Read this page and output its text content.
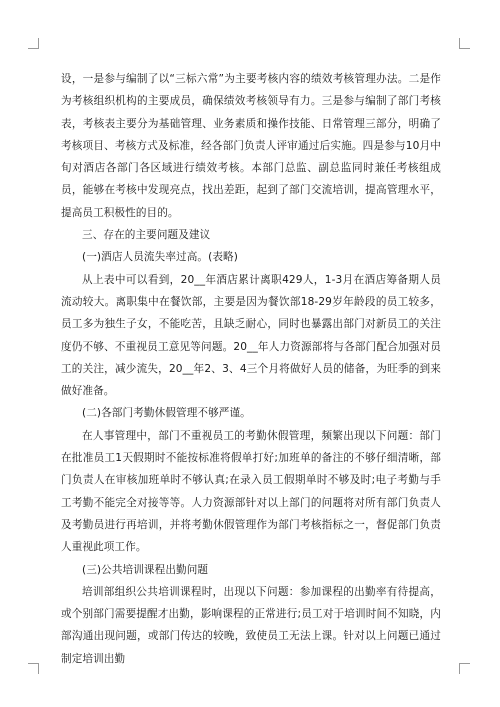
设，一是参与编制了以“三标六常”为主要考核内容的绩效考核管理办法。二是作为考核组织机构的主要成员，确保绩效考核领导有力。三是参与编制了部门考核表，考核表主要分为基础管理、业务素质和操作技能、日常管理三部分，明确了考核项目、考核方式及标准，经各部门负责人评审通过后实施。四是参与10月中旬对酒店各部门各区域进行绩效考核。本部门总监、副总监同时兼任考核组成员，能够在考核中发现亮点，找出差距，起到了部门交流培训，提高管理水平，提高员工积极性的目的。

三、存在的主要问题及建议

(一)酒店人员流失率过高。(表略)

从上表中可以看到，20__年酒店累计离职429人，1-3月在酒店筹备期人员流动较大。离职集中在餐饮部，主要是因为餐饮部18-29岁年龄段的员工较多，员工多为独生子女，不能吃苦，且缺乏耐心，同时也暴露出部门对新员工的关注度仍不够、不重视员工意见等问题。20__年人力资源部将与各部门配合加强对员工的关注，减少流失，20__年2、3、4三个月将做好人员的储备，为旺季的到来做好准备。

(二)各部门考勤休假管理不够严谨。

在人事管理中，部门不重视员工的考勤休假管理，频繁出现以下问题：部门在批准员工1天假期时不能按标准将假单打好;加班单的备注的不够仔细清晰，部门负责人在审核加班单时不够认真;在录入员工假期单时不够及时;电子考勤与手工考勤不能完全对接等等。人力资源部针对以上部门的问题将对所有部门负责人及考勤员进行再培训，并将考勤休假管理作为部门考核指标之一，督促部门负责人重视此项工作。

(三)公共培训课程出勤问题

培训部组织公共培训课程时，出现以下问题：参加课程的出勤率有待提高，或个别部门需要提醒才出勤，影响课程的正常进行;员工对于培训时间不知晓，内部沟通出现问题，或部门传达的较晚，致使员工无法上课。针对以上问题已通过制定培训出勤
